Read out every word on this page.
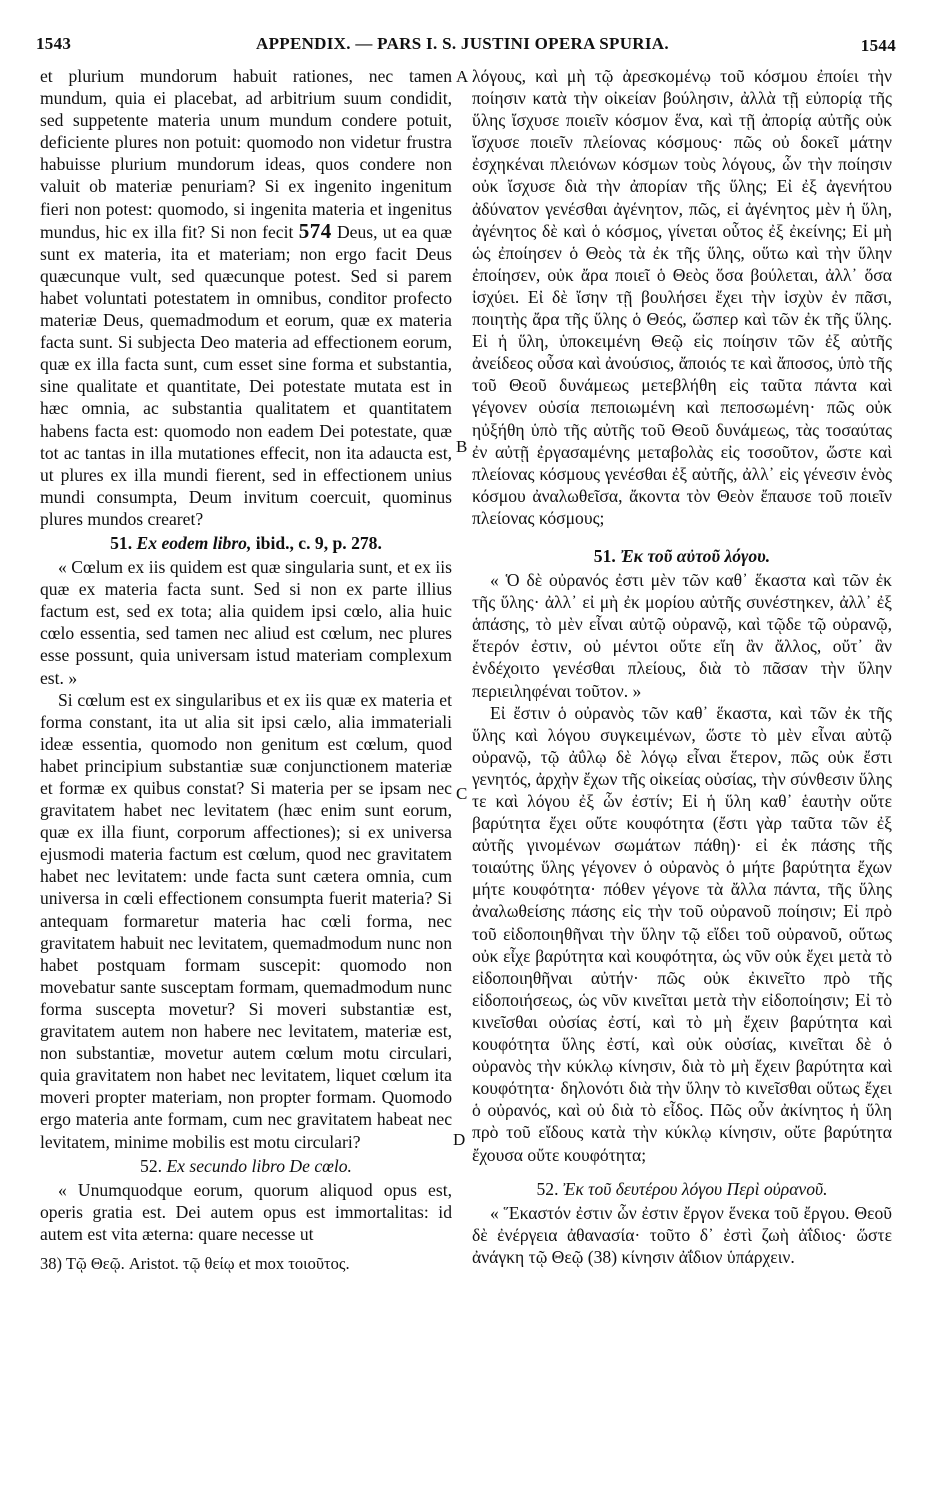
1543	APPENDIX. — PARS I. S. JUSTINI OPERA SPURIA.	1544
A
B
C
D

et plurium mundorum habuit rationes, nec tamen mundum, quia ei placebat, ad arbitrium suum condidit, sed suppetente materia unum mundum condere potuit, deficiente plures non potuit: quomodo non videtur frustra habuisse plurium mundorum ideas, quos condere non valuit ob materiæ penuriam? Si ex ingenito ingenitum fieri non potest: quomodo, si ingenita materia et ingenitus mundus, hic ex illa fit? Si non fecit 574 Deus, ut ea quæ sunt ex materia, ita et materiam; non ergo facit Deus quæcunque vult, sed quæcunque potest. Sed si parem habet voluntati potestatem in omnibus, conditor profecto materiæ Deus, quemadmodum et eorum, quæ ex materia facta sunt. Si subjecta Deo materia ad effectionem eorum, quæ ex illa facta sunt, cum esset sine forma et substantia, sine qualitate et quantitate, Dei potestate mutata est in hæc omnia, ac substantia qualitatem et quantitatem habens facta est: quomodo non eadem Dei potestate, quæ tot ac tantas in illa mutationes effecit, non ita adaucta est, ut plures ex illa mundi fierent, sed in effectionem unius mundi consumpta, Deum invitum coercuit, quominus plures mundos crearet?

51. Ex eodem libro, ibid., c. 9, p. 278.

« Cœlum ex iis quidem est quæ singularia sunt, et ex iis quæ ex materia facta sunt. Sed si non ex parte illius factum est, sed ex tota; alia quidem ipsi cœlo, alia huic cœlo essentia, sed tamen nec aliud est cœlum, nec plures esse possunt, quia universam istud materiam complexum est. »

Si cœlum est ex singularibus et ex iis quæ ex materia et forma constant, ita ut alia sit ipsi cælo, alia immateriali ideæ essentia, quomodo non genitum est cœlum, quod habet principium substantiæ suæ conjunctionem materiæ et formæ ex quibus constat? Si materia per se ipsam nec gravitatem habet nec levitatem (hæc enim sunt eorum, quæ ex illa fiunt, corporum affectiones); si ex universa ejusmodi materia factum est cœlum, quod nec gravitatem habet nec levitatem: unde facta sunt cætera omnia, cum universa in cœli effectionem consumpta fuerit materia? Si antequam formaretur materia hac cœli forma, nec gravitatem habuit nec levitatem, quemadmodum nunc non habet postquam formam suscepit: quomodo non movebatur sante susceptam formam, quemadmodum nunc forma susceptа movetur? Si moveri substantiæ est, gravitatem autem non habere nec levitatem, materiæ est, non substantiæ, movetur autem cœlum motu circulari, quia gravitatem non habet nec levitatem, liquet cœlum ita moveri propter materiam, non propter formam. Quomodo ergo materia ante formam, cum nec gravitatem habeat nec levitatem, minime mobilis est motu circulari?

52. Ex secundo libro De cœlo.

« Unumquodque eorum, quorum aliquod opus est, operis gratia est. Dei autem opus est immortalitas: id autem est vita æterna: quare necesse ut

38) Τῷ Θεῷ. Aristot. τῷ θείῳ et mox τοιοῦτος.

λόγους, καὶ μὴ τῷ ἀρεσκομένῳ τοῦ κόσμου ἐποίει τὴν ποίησιν κατὰ τὴν οἰκείαν βούλησιν, ἀλλὰ τῇ εὐπορίᾳ τῆς ὕλης ἴσχυσε ποιεῖν κόσμον ἕνα, καὶ τῇ ἀπορίᾳ αὐτῆς οὐκ ἴσχυσε ποιεῖν πλείονας κόσμους· πῶς οὐ δοκεῖ μάτην ἐσχηκέναι πλειόνων κόσμων τοὺς λόγους, ὧν τὴν ποίησιν οὐκ ἴσχυσε διὰ τὴν ἀπορίαν τῆς ὕλης; Εἰ ἐξ ἀγενήτου ἀδύνατον γενέσθαι ἀγένητον, πῶς, εἰ ἀγένητος μὲν ἡ ὕλη, ἀγένητος δὲ καὶ ὁ κόσμος, γίνεται οὗτος ἐξ ἐκείνης; Εἰ μὴ ὡς ἐποίησεν ὁ Θεὸς τὰ ἐκ τῆς ὕλης, οὕτω καὶ τὴν ὕλην ἐποίησεν, οὐκ ἄρα ποιεῖ ὁ Θεὸς ὅσα βούλεται, ἀλλ᾽ ὅσα ἰσχύει. Εἰ δὲ ἴσην τῇ βουλήσει ἔχει τὴν ἰσχὺν ἐν πᾶσι, ποιητὴς ἄρα τῆς ὕλης ὁ Θεός, ὥσπερ καὶ τῶν ἐκ τῆς ὕλης. Εἰ ἡ ὕλη, ὑποκειμένη Θεῷ εἰς ποίησιν τῶν ἐξ αὐτῆς ἀνείδεος οὖσα καὶ ἀνούσιος, ἄποιός τε καὶ ἄποσος, ὑπὸ τῆς τοῦ Θεοῦ δυνάμεως μετεβλήθη εἰς ταῦτα πάντα καὶ γέγονεν οὐσία πεποιωμένη καὶ πεποσωμένη· πῶς οὐκ ηὐξήθη ὑπὸ τῆς αὐτῆς τοῦ Θεοῦ δυνάμεως, τὰς τοσαύτας ἐν αὐτῇ ἐργασαμένης μεταβολὰς εἰς τοσοῦτον, ὥστε καὶ πλείονας κόσμους γενέσθαι ἐξ αὐτῆς, ἀλλ᾽ εἰς γένεσιν ἑνὸς κόσμου ἀναλωθεῖσα, ἄκοντα τὸν Θεὸν ἔπαυσε τοῦ ποιεῖν πλείονας κόσμους;

51. Ἐκ τοῦ αὐτοῦ λόγου.

« Ὁ δὲ οὐρανός ἐστι μὲν τῶν καθ᾽ ἕκαστα καὶ τῶν ἐκ τῆς ὕλης· ἀλλ᾽ εἰ μὴ ἐκ μορίου αὐτῆς συνέστηκεν, ἀλλ᾽ ἐξ ἁπάσης, τὸ μὲν εἶναι αὐτῷ οὐρανῷ, καὶ τῷδε τῷ οὐρανῷ, ἕτερόν ἐστιν, οὐ μέντοι οὔτε εἴη ἂν ἄλλος, οὔτ᾽ ἂν ἐνδέχοιτο γενέσθαι πλείους, διὰ τὸ πᾶσαν τὴν ὕλην περιειληφέναι τοῦτον. »

Εἰ ἔστιν ὁ οὐρανὸς τῶν καθ᾽ ἕκαστα, καὶ τῶν ἐκ τῆς ὕλης καὶ λόγου συγκειμένων, ὥστε τὸ μὲν εἶναι αὐτῷ οὐρανῷ, τῷ ἀΰλῳ δὲ λόγῳ εἶναι ἕτερον, πῶς οὐκ ἔστι γενητός, ἀρχὴν ἔχων τῆς οἰκείας οὐσίας, τὴν σύνθεσιν ὕλης τε καὶ λόγου ἐξ ὧν ἐστίν; Εἰ ἡ ὕλη καθ᾽ ἑαυτὴν οὔτε βαρύτητα ἔχει οὔτε κουφότητα (ἔστι γὰρ ταῦτα τῶν ἐξ αὐτῆς γινομένων σωμάτων πάθη)· εἰ ἐκ πάσης τῆς τοιαύτης ὕλης γέγονεν ὁ οὐρανὸς ὁ μήτε βαρύτητα ἔχων μήτε κουφότητα· πόθεν γέγονε τὰ ἄλλα πάντα, τῆς ὕλης ἀναλωθείσης πάσης εἰς τὴν τοῦ οὐρανοῦ ποίησιν; Εἰ πρὸ τοῦ εἰδοποιηθῆναι τὴν ὕλην τῷ εἴδει τοῦ οὐρανοῦ, οὕτως οὐκ εἶχε βαρύτητα καὶ κουφότητα, ὡς νῦν οὐκ ἔχει μετὰ τὸ εἰδοποιηθῆναι αὐτήν· πῶς οὐκ ἐκινεῖτο πρὸ τῆς εἰδοποιήσεως, ὡς νῦν κινεῖται μετὰ τὴν εἰδοποίησιν; Εἰ τὸ κινεῖσθαι οὐσίας ἐστί, καὶ τὸ μὴ ἔχειν βαρύτητα καὶ κουφότητα ὕλης ἐστί, καὶ οὐκ οὐσίας, κινεῖται δὲ ὁ οὐρανὸς τὴν κύκλῳ κίνησιν, διὰ τὸ μὴ ἔχειν βαρύτητα καὶ κουφότητα· δηλονότι διὰ τὴν ὕλην τὸ κινεῖσθαι οὕτως ἔχει ὁ οὐρανός, καὶ οὐ διὰ τὸ εἶδος. Πῶς οὖν ἀκίνητος ἡ ὕλη πρὸ τοῦ εἴδους κατὰ τὴν κύκλῳ κίνησιν, οὔτε βαρύτητα ἔχουσα οὔτε κουφότητα;

52. Ἐκ τοῦ δευτέρου λόγου Περὶ οὐρανοῦ.

« Ἕκαστόν ἐστιν ὧν ἐστιν ἔργον ἕνεκα τοῦ ἔργου. Θεοῦ δὲ ἐνέργεια ἀθανασία· τοῦτο δ᾽ ἐστὶ ζωὴ ἀΐδιος· ὥστε ἀνάγκη τῷ Θεῷ (38) κίνησιν ἀΐδιον ὑπάρχειν.
